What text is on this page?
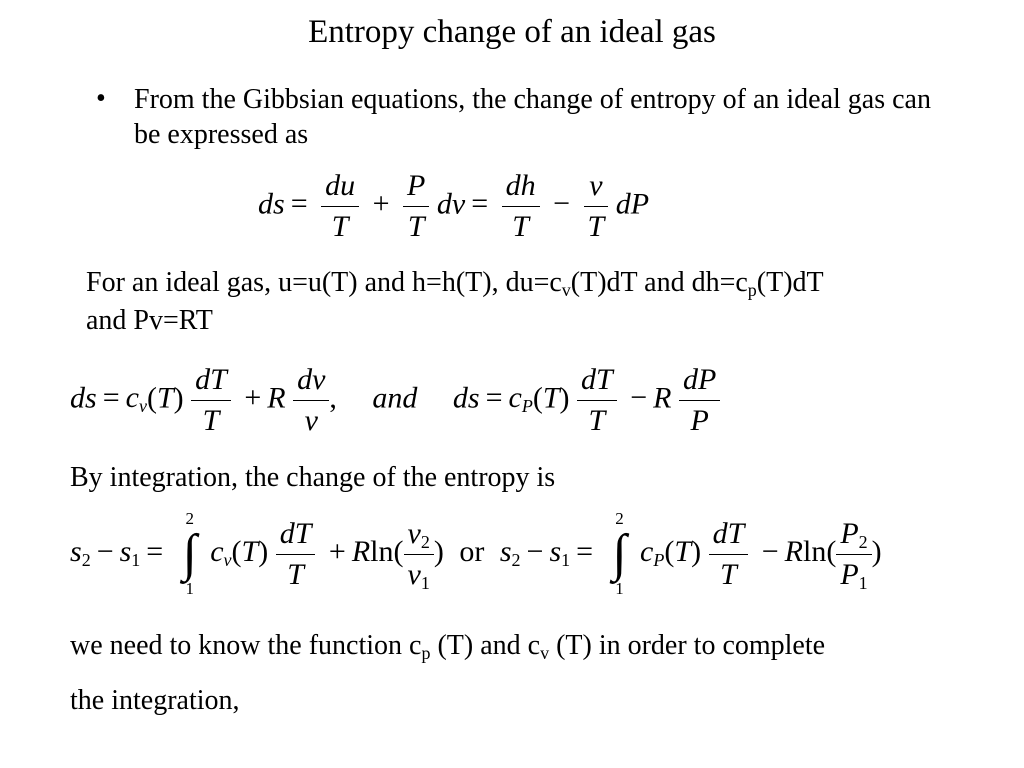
Entropy change of an ideal gas
• From the Gibbsian equations, the change of entropy of an ideal gas can be expressed as
ds = $\frac{du}{T} + \frac{P}{T}$ dv = $\frac{dh}{T} - \frac{v}{T}$ dP
For an ideal gas, u=u(T) and h=h(T), $du=c_v(T)dT$ and $dh=c_p(T)dT$
and Pv=RT
ds = $c_v(T) \frac{dT}{T} + R \frac{dv}{v}$ , and ds = $c_P(T) \frac{dT}{T} - R \frac{dP}{P}$
By integration, the change of the entropy is
$s_2 - s_1$ =
2
∫
1
$c_v(T) \frac{dT}{T} + Rln( \frac{v_2}{v_1}$ ) or $s_2 - s_1$ =
2
∫
1
$c_P(T) \frac{dT}{T} - Rln( \frac{P_2}{P_1}$ )
we need to know the function $c_p$ (T) and $c_v$ (T) in order to complete
the integration,
